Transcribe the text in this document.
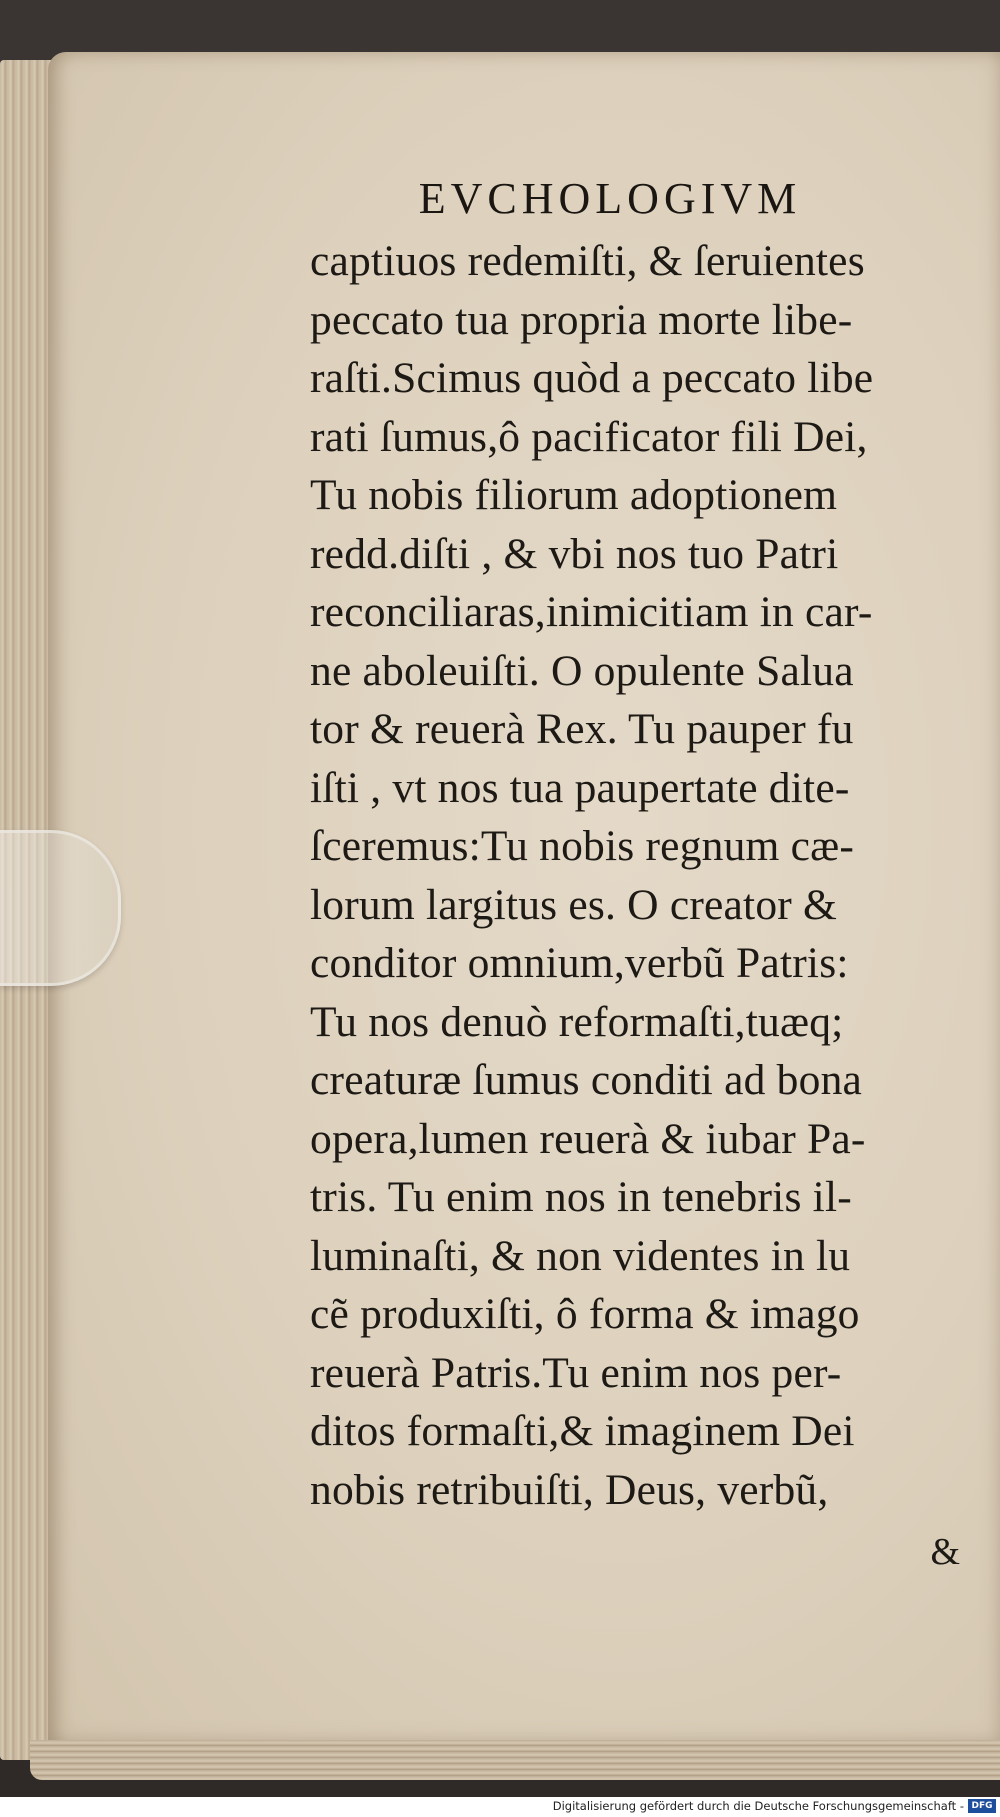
EVCHOLOGIVM
captiuos redemiſti, & ſeruientes
peccato tua propria morte libe-
raſti.Scimus quòd a peccato libe
rati ſumus,ô pacificator fili Dei,
Tu nobis filiorum adoptionem
redd.diſti , & vbi nos tuo Patri
reconciliaras,inimicitiam in car-
ne aboleuiſti. O opulente Salua
tor & reuerà Rex. Tu pauper fu
iſti , vt nos tua paupertate dite-
ſceremus:Tu nobis regnum cæ-
lorum largitus es. O creator &
conditor omnium,verbũ Patris:
Tu nos denuò reformaſti,tuæq;
creaturæ ſumus conditi ad bona
opera,lumen reuerà & iubar Pa-
tris. Tu enim nos in tenebris il-
luminaſti, & non videntes in lu
cẽ produxiſti, ô forma & imago
reuerà Patris.Tu enim nos per-
ditos formaſti,& imaginem Dei
nobis retribuiſti, Deus, verbũ,
&
Digitalisierung gefördert durch die Deutsche Forschungsgemeinschaft - DFG
